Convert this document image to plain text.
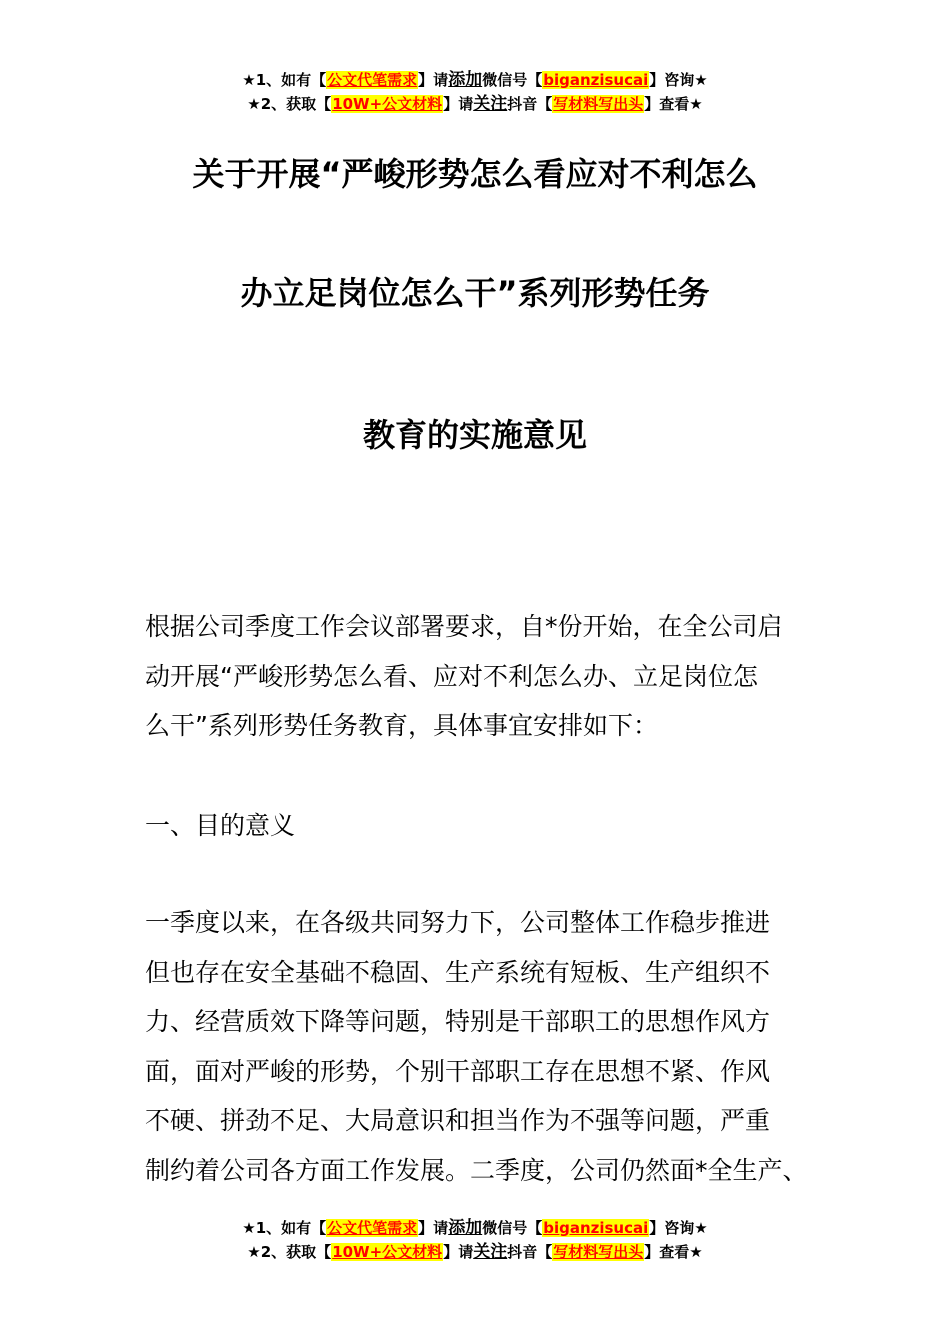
★1、如有【公文代笔需求】请添加微信号【biganzisucai】咨询★
★2、获取【10W+公文材料】请关注抖音【写材料写出头】查看★
关于开展“严峻形势怎么看应对不利怎么
办立足岗位怎么干”系列形势任务
教育的实施意见

根据公司季度工作会议部署要求，自*份开始，在全公司启
动开展“严峻形势怎么看、应对不利怎么办、立足岗位怎
么干”系列形势任务教育，具体事宜安排如下：

一、目的意义

一季度以来，在各级共同努力下，公司整体工作稳步推进
但也存在安全基础不稳固、生产系统有短板、生产组织不
力、经营质效下降等问题，特别是干部职工的思想作风方
面，面对严峻的形势，个别干部职工存在思想不紧、作风
不硬、拼劲不足、大局意识和担当作为不强等问题，严重
制约着公司各方面工作发展。二季度，公司仍然面*全生产、

★1、如有【公文代笔需求】请添加微信号【biganzisucai】咨询★
★2、获取【10W+公文材料】请关注抖音【写材料写出头】查看★
